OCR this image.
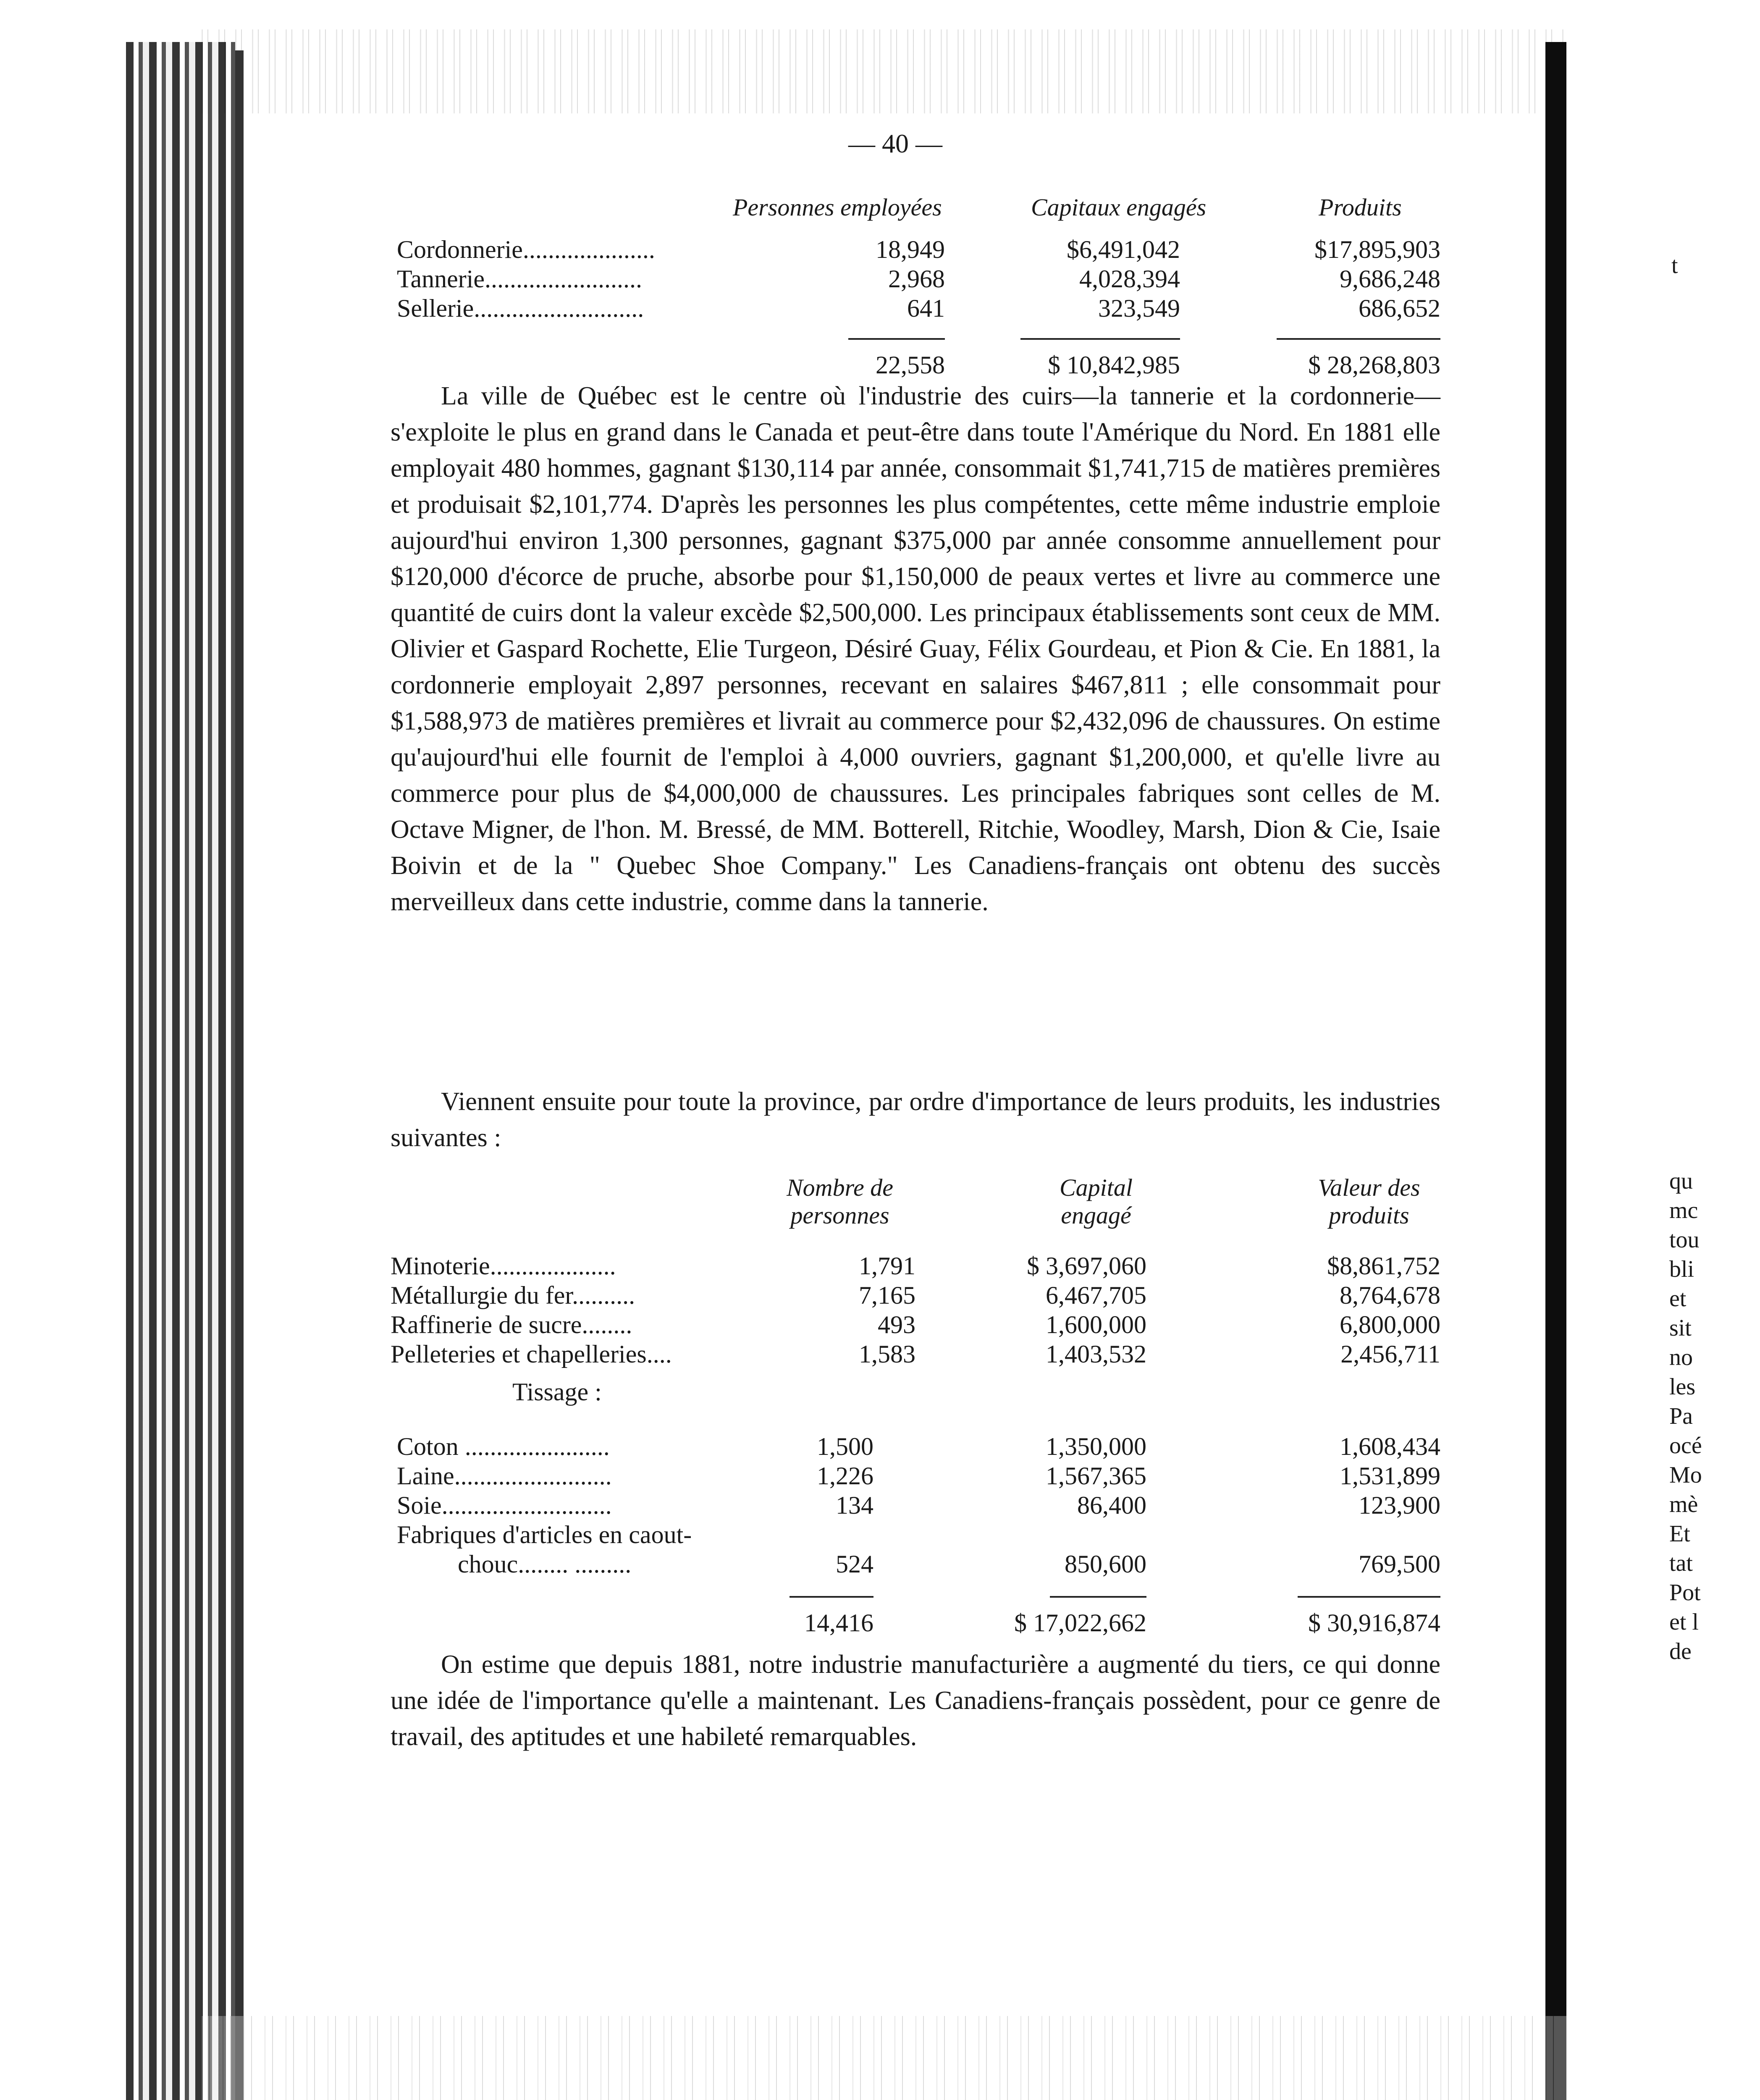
— 40 —
Personnes employées	Capitaux engagés	Produits
Cordonnerie.....................	18,949	$6,491,042	$17,895,903
Tannerie.........................	2,968	4,028,394	9,686,248
Sellerie...........................	641	323,549	686,652
22,558	$ 10,842,985	$ 28,268,803

La ville de Québec est le centre où l'industrie des cuirs—la tannerie et la cordonnerie—s'exploite le plus en grand dans le Canada et peut-être dans toute l'Amérique du Nord. En 1881 elle employait 480 hommes, gagnant $130,114 par année, consommait $1,741,715 de matières premières et produisait $2,101,774. D'après les personnes les plus compétentes, cette même industrie emploie aujourd'hui environ 1,300 personnes, gagnant $375,000 par année consomme annuellement pour $120,000 d'écorce de pruche, absorbe pour $1,150,000 de peaux vertes et livre au commerce une quantité de cuirs dont la valeur excède $2,500,000. Les principaux établissements sont ceux de MM. Olivier et Gaspard Rochette, Elie Turgeon, Désiré Guay, Félix Gourdeau, et Pion & Cie. En 1881, la cordonnerie employait 2,897 personnes, recevant en salaires $467,811 ; elle consommait pour $1,588,973 de matières premières et livrait au commerce pour $2,432,096 de chaussures. On estime qu'aujourd'hui elle fournit de l'emploi à 4,000 ouvriers, gagnant $1,200,000, et qu'elle livre au commerce pour plus de $4,000,000 de chaussures. Les principales fabriques sont celles de M. Octave Migner, de l'hon. M. Bressé, de MM. Botterell, Ritchie, Woodley, Marsh, Dion & Cie, Isaie Boivin et de la " Quebec Shoe Company." Les Canadiens-français ont obtenu des succès merveilleux dans cette industrie, comme dans la tannerie.

Viennent ensuite pour toute la province, par ordre d'importance de leurs produits, les industries suivantes :

Nombre de
personnes
Capital
engagé
Valeur des
produits
Minoterie....................	1,791	$ 3,697,060	$8,861,752
Métallurgie du fer..........	7,165	6,467,705	8,764,678
Raffinerie de sucre........	493	1,600,000	6,800,000
Pelleteries et chapelleries....	1,583	1,403,532	2,456,711
Tissage :
Coton .......................	1,500	1,350,000	1,608,434
Laine.........................	1,226	1,567,365	1,531,899
Soie...........................	134	86,400	123,900
Fabriques d'articles en caout-
chouc........ .........	524	850,600	769,500
14,416	$ 17,022,662	$ 30,916,874

On estime que depuis 1881, notre industrie manufacturière a augmenté du tiers, ce qui donne une idée de l'importance qu'elle a maintenant. Les Canadiens-français possèdent, pour ce genre de travail, des aptitudes et une habileté remarquables.

t
qu
mc
tou
bli
et
sit
no
les
Pa
océ
Mo
mè
Et
tat
Pot
et l
de
